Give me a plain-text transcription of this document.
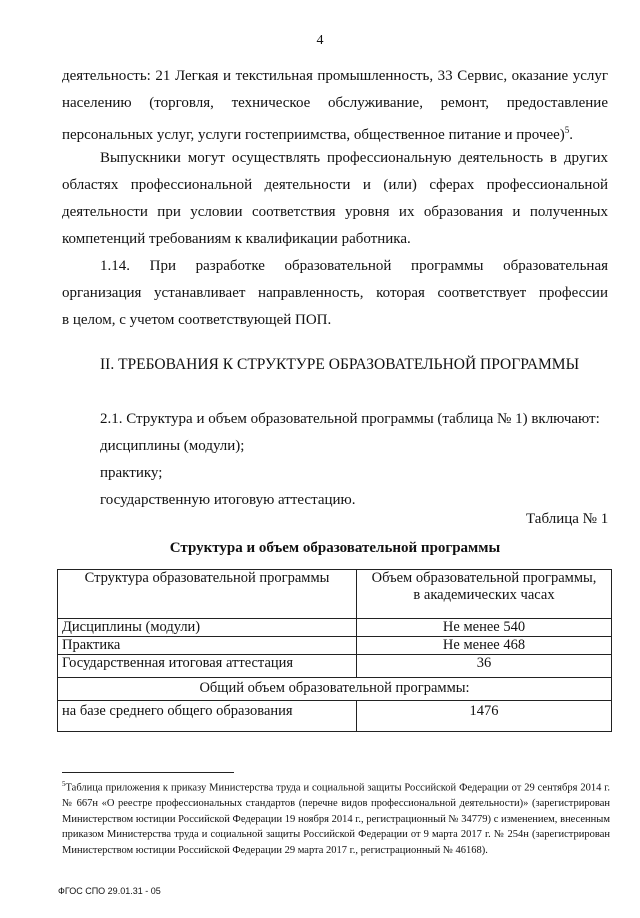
4
деятельность: 21 Легкая и текстильная промышленность, 33 Сервис, оказание услуг
населению (торговля, техническое обслуживание, ремонт, предоставление
персональных услуг, услуги гостеприимства, общественное питание и прочее)$^5$.
Выпускники могут осуществлять профессиональную деятельность в других
областях профессиональной деятельности и (или) сферах профессиональной
деятельности при условии соответствия уровня их образования и полученных
компетенций требованиям к квалификации работника.
1.14. При разработке образовательной программы образовательная
организация устанавливает направленность, которая соответствует профессии
в целом, с учетом соответствующей ПОП.
II. ТРЕБОВАНИЯ К СТРУКТУРЕ ОБРАЗОВАТЕЛЬНОЙ ПРОГРАММЫ
2.1. Структура и объем образовательной программы (таблица № 1) включают:
дисциплины (модули);
практику;
государственную итоговую аттестацию.
Таблица № 1
Структура и объем образовательной программы
Структура образовательной программы	Объем образовательной программы,
в академических часах

Дисциплины (модули)	Не менее 540
Практика	Не менее 468
Государственная итоговая аттестация	36
Общий объем образовательной программы:	
на базе среднего общего образования	1476
$^5$Таблица приложения к приказу Министерства труда и социальной защиты Российской Федерации от 29 сентября 2014 г. № 667н «О реестре профессиональных стандартов (перечне видов профессиональной деятельности)» (зарегистрирован Министерством юстиции Российской Федерации 19 ноября 2014 г., регистрационный № 34779) с изменением, внесенным приказом Министерства труда и социальной защиты Российской Федерации от 9 марта 2017 г. № 254н (зарегистрирован Министерством юстиции Российской Федерации 29 марта 2017 г., регистрационный № 46168).
ФГОС СПО 29.01.31 - 05
